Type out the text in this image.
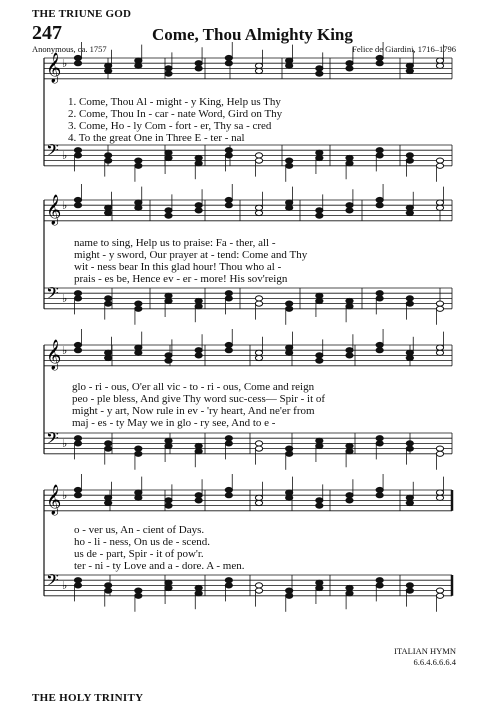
THE TRIUNE GOD
247	Come, Thou Almighty King
Anonymous, ca. 1757	Felice de Giardini, 1716–1796
𝄞 ♭
𝄢 ♭
𝄞 ♭
𝄢 ♭
𝄞 ♭
𝄢 ♭
𝄞 ♭
𝄢 ♭
1. Come, Thou Al - might - y King, Help us Thy
2. Come, Thou In - car - nate Word, Gird on Thy
3. Come, Ho - ly Com - fort - er, Thy sa - cred
4. To the great One in Three E - ter - nal
name to sing, Help us to praise: Fa - ther, all -
might - y sword, Our prayer at - tend: Come and Thy
wit - ness bear In this glad hour! Thou who al -
prais - es be, Hence ev - er - more! His sov'reign
glo - ri - ous, O'er all vic - to - ri - ous, Come and reign
peo - ple bless, And give Thy word suc-cess— Spir - it of
might - y art, Now rule in ev - 'ry heart, And ne'er from
maj - es - ty May we in glo - ry see, And to e -
o - ver us, An - cient of Days.
ho - li - ness, On us de - scend.
us de - part, Spir - it of pow'r.
ter - ni - ty Love and a - dore. A - men.
ITALIAN HYMN
6.6.4.6.6.6.4
THE HOLY TRINITY
